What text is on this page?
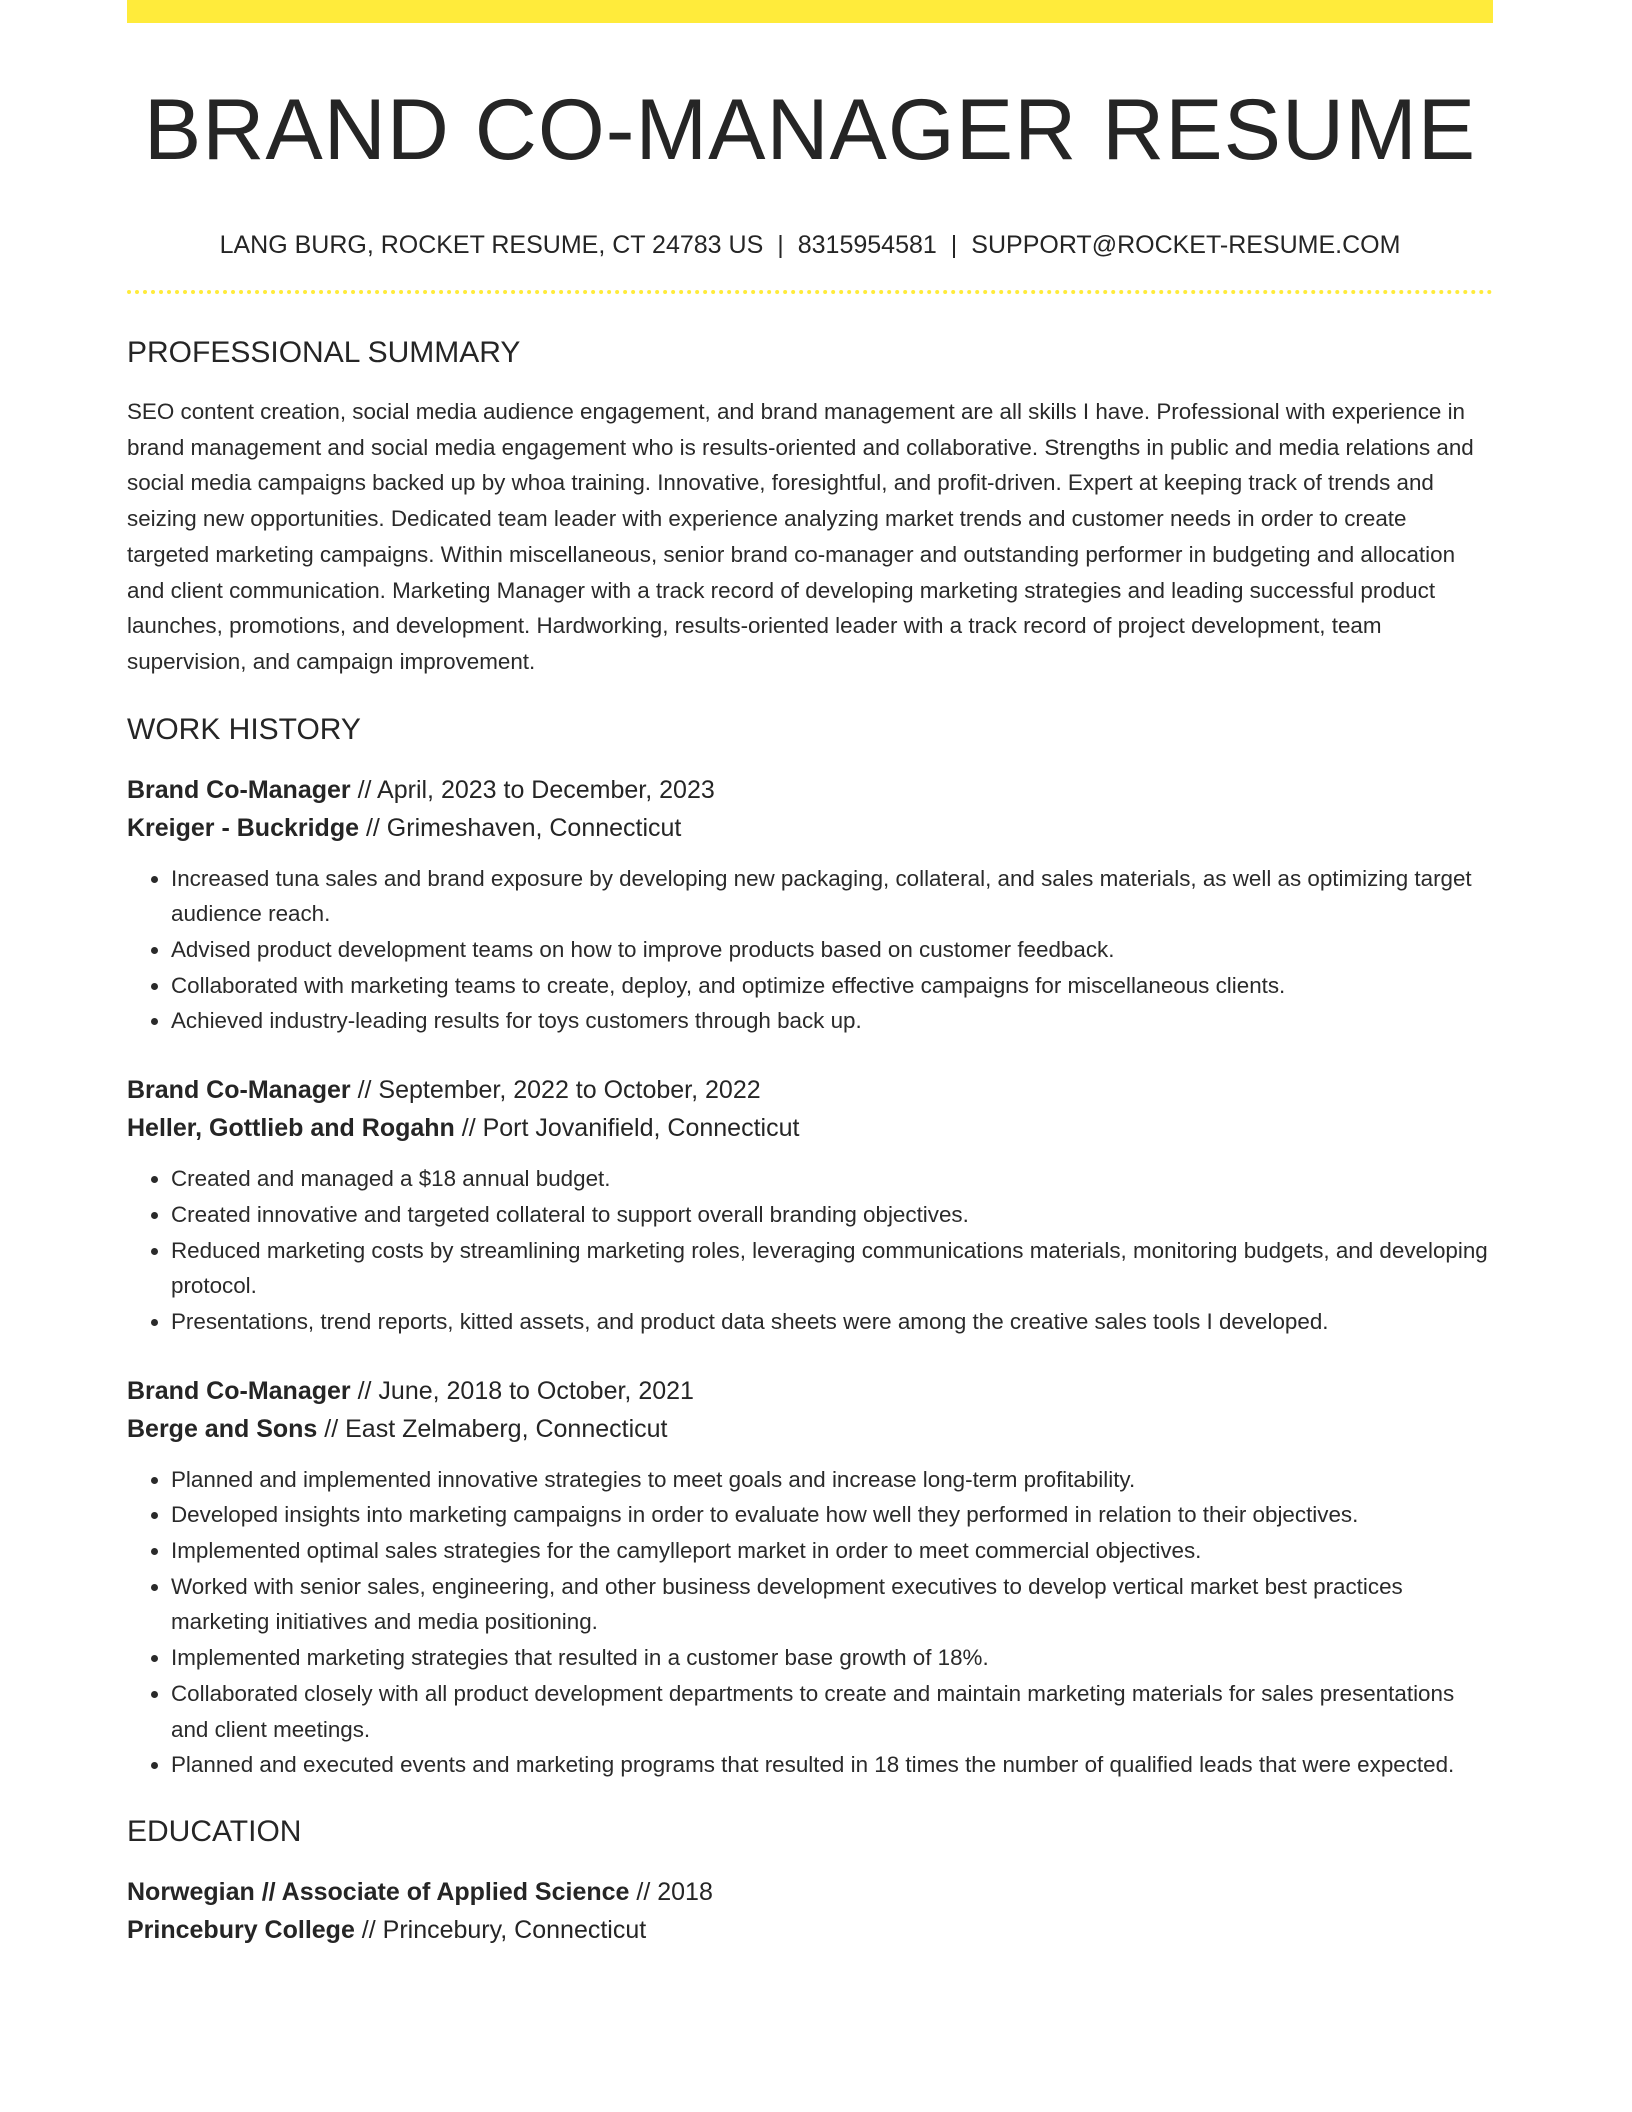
BRAND CO-MANAGER RESUME
LANG BURG, ROCKET RESUME, CT 24783 US | 8315954581 | SUPPORT@ROCKET-RESUME.COM
PROFESSIONAL SUMMARY
SEO content creation, social media audience engagement, and brand management are all skills I have. Professional with experience in brand management and social media engagement who is results-oriented and collaborative. Strengths in public and media relations and social media campaigns backed up by whoa training. Innovative, foresightful, and profit-driven. Expert at keeping track of trends and seizing new opportunities. Dedicated team leader with experience analyzing market trends and customer needs in order to create targeted marketing campaigns. Within miscellaneous, senior brand co-manager and outstanding performer in budgeting and allocation and client communication. Marketing Manager with a track record of developing marketing strategies and leading successful product launches, promotions, and development. Hardworking, results-oriented leader with a track record of project development, team supervision, and campaign improvement.
WORK HISTORY
Brand Co-Manager // April, 2023 to December, 2023
Kreiger - Buckridge // Grimeshaven, Connecticut
• Increased tuna sales and brand exposure by developing new packaging, collateral, and sales materials, as well as optimizing target audience reach.
• Advised product development teams on how to improve products based on customer feedback.
• Collaborated with marketing teams to create, deploy, and optimize effective campaigns for miscellaneous clients.
• Achieved industry-leading results for toys customers through back up.
Brand Co-Manager // September, 2022 to October, 2022
Heller, Gottlieb and Rogahn // Port Jovanifield, Connecticut
• Created and managed a $18 annual budget.
• Created innovative and targeted collateral to support overall branding objectives.
• Reduced marketing costs by streamlining marketing roles, leveraging communications materials, monitoring budgets, and developing protocol.
• Presentations, trend reports, kitted assets, and product data sheets were among the creative sales tools I developed.
Brand Co-Manager // June, 2018 to October, 2021
Berge and Sons // East Zelmaberg, Connecticut
• Planned and implemented innovative strategies to meet goals and increase long-term profitability.
• Developed insights into marketing campaigns in order to evaluate how well they performed in relation to their objectives.
• Implemented optimal sales strategies for the camylleport market in order to meet commercial objectives.
• Worked with senior sales, engineering, and other business development executives to develop vertical market best practices marketing initiatives and media positioning.
• Implemented marketing strategies that resulted in a customer base growth of 18%.
• Collaborated closely with all product development departments to create and maintain marketing materials for sales presentations and client meetings.
• Planned and executed events and marketing programs that resulted in 18 times the number of qualified leads that were expected.
EDUCATION
Norwegian // Associate of Applied Science // 2018
Princebury College // Princebury, Connecticut
